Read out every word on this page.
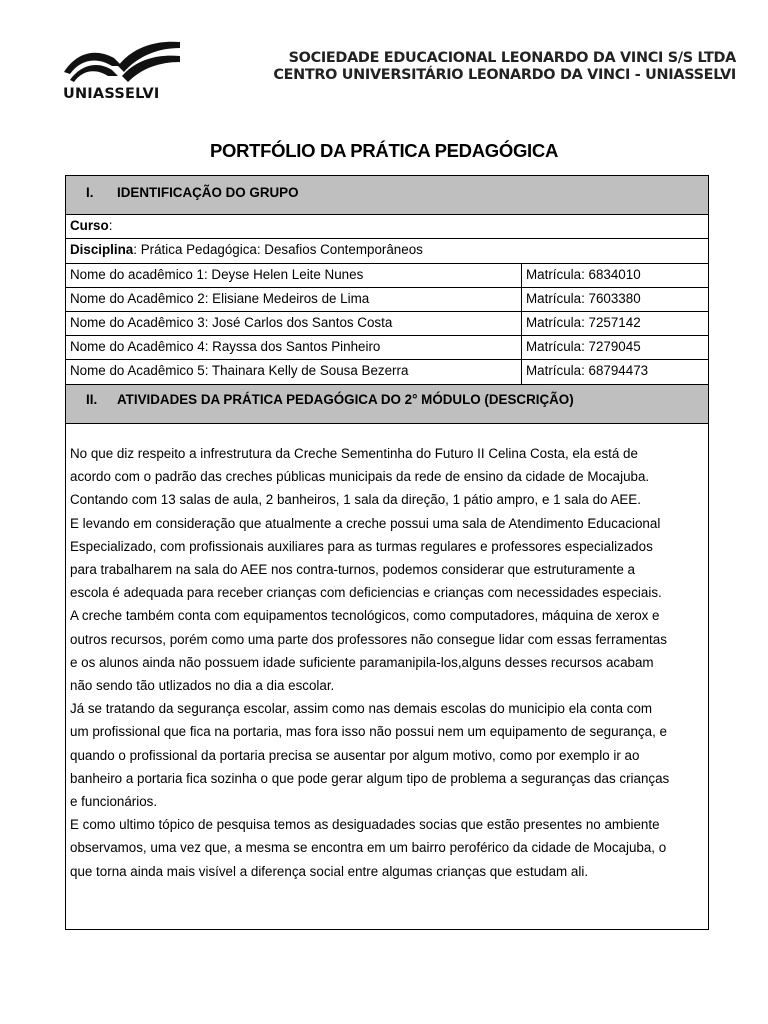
UNIASSELVI
SOCIEDADE EDUCACIONAL LEONARDO DA VINCI S/S LTDA
CENTRO UNIVERSITÁRIO LEONARDO DA VINCI - UNIASSELVI
PORTFÓLIO DA PRÁTICA PEDAGÓGICA
I. IDENTIFICAÇÃO DO GRUPO
Curso:
Disciplina: Prática Pedagógica: Desafios Contemporâneos
Nome do acadêmico 1: Deyse Helen Leite Nunes	Matrícula: 6834010
Nome do Acadêmico 2: Elisiane Medeiros de Lima	Matrícula: 7603380
Nome do Acadêmico 3: José Carlos dos Santos Costa	Matrícula: 7257142
Nome do Acadêmico 4: Rayssa dos Santos Pinheiro	Matrícula: 7279045
Nome do Acadêmico 5: Thainara Kelly de Sousa Bezerra	Matrícula: 68794473
II. ATIVIDADES DA PRÁTICA PEDAGÓGICA DO 2° MÓDULO (DESCRIÇÃO)

No que diz respeito a infrestrutura da Creche Sementinha do Futuro II Celina Costa, ela está de

acordo com o padrão das creches públicas municipais da rede de ensino da cidade de Mocajuba.

Contando com 13 salas de aula, 2 banheiros, 1 sala da direção, 1 pátio ampro, e 1 sala do AEE.

E levando em consideração que atualmente a creche possui uma sala de Atendimento Educacional

Especializado, com profissionais auxiliares para as turmas regulares e professores especializados

para trabalharem na sala do AEE nos contra-turnos, podemos considerar que estruturamente a

escola é adequada para receber crianças com deficiencias e crianças com necessidades especiais.

A creche também conta com equipamentos tecnológicos, como computadores, máquina de xerox e

outros recursos, porém como uma parte dos professores não consegue lidar com essas ferramentas

e os alunos ainda não possuem idade suficiente paramanipila-los,alguns desses recursos acabam

não sendo tão utlizados no dia a dia escolar.

Já se tratando da segurança escolar, assim como nas demais escolas do municipio ela conta com

um profissional que fica na portaria, mas fora isso não possui nem um equipamento de segurança, e

quando o profissional da portaria precisa se ausentar por algum motivo, como por exemplo ir ao

banheiro a portaria fica sozinha o que pode gerar algum tipo de problema a seguranças das crianças

e funcionários.

E como ultimo tópico de pesquisa temos as desiguadades socias que estão presentes no ambiente

observamos, uma vez que, a mesma se encontra em um bairro peroférico da cidade de Mocajuba, o

que torna ainda mais visível a diferença social entre algumas crianças que estudam ali.
